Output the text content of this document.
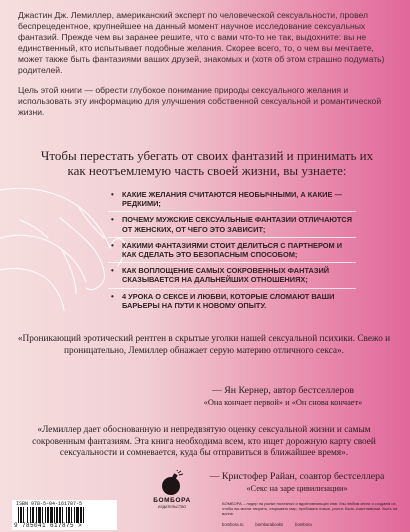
Джастин Дж. Лемиллер, американский эксперт по человеческой сексуальности, провел беспрецедентное, крупнейшее на данный момент научное исследование сексуальных фантазий. Прежде чем вы заранее решите, что с вами что-то не так, выдохните: вы не единственный, кто испытывает подобные желания. Скорее всего, то, о чем вы мечтаете, может также быть фантазиями ваших друзей, знакомых и (хотя об этом страшно подумать) родителей.

Цель этой книги — обрести глубокое понимание природы сексуального желания и использовать эту информацию для улучшения собственной сексуальной и романтической жизни.

Чтобы перестать убегать от своих фантазий и принимать их как неотъемлемую часть своей жизни, вы узнаете:
• КАКИЕ ЖЕЛАНИЯ СЧИТАЮТСЯ НЕОБЫЧНЫМИ, А КАКИЕ — РЕДКИМИ;
• ПОЧЕМУ МУЖСКИЕ СЕКСУАЛЬНЫЕ ФАНТАЗИИ ОТЛИЧАЮТСЯ ОТ ЖЕНСКИХ, ОТ ЧЕГО ЭТО ЗАВИСИТ;
• КАКИМИ ФАНТАЗИЯМИ СТОИТ ДЕЛИТЬСЯ С ПАРТНЕРОМ И КАК СДЕЛАТЬ ЭТО БЕЗОПАСНЫМ СПОСОБОМ;
• КАК ВОПЛОЩЕНИЕ САМЫХ СОКРОВЕННЫХ ФАНТАЗИЙ СКАЗЫВАЕТСЯ НА ДАЛЬНЕЙШИХ ОТНОШЕНИЯХ;
• 4 УРОКА О СЕКСЕ И ЛЮБВИ, КОТОРЫЕ СЛОМАЮТ ВАШИ БАРЬЕРЫ НА ПУТИ К НОВОМУ ОПЫТУ.
«Проникающий эротический рентген в скрытые уголки нашей сексуальной психики. Свежо и проницательно, Лемиллер обнажает серую материю отличного секса».
— Ян Кернер, автор бестселлеров
«Она кончает первой» и «Он снова кончает»
«Лемиллер дает обоснованную и непредвзятую оценку сексуальной жизни и самым сокровенным фантазиям. Эта книга необходима всем, кто ищет дорожную карту своей сексуальности и сомневается, куда бы отправиться в ближайшее время».
— Кристофер Райан, соавтор бестселлера
«Секс на заре цивилизации»
БОМБОРА
ИЗДАТЕЛЬСТВО
ISBN 978-5-04-161787-5
9 785041 617875 >
БОМБОРА – лидер на рынке полезных и вдохновляющих книг. Мы любим книги и создаем их, чтобы вы могли творить, открывать мир, пробовать новое, расти. Быть счастливыми. Быть на волне.
bombora.ru	bomborabooks	bombora
